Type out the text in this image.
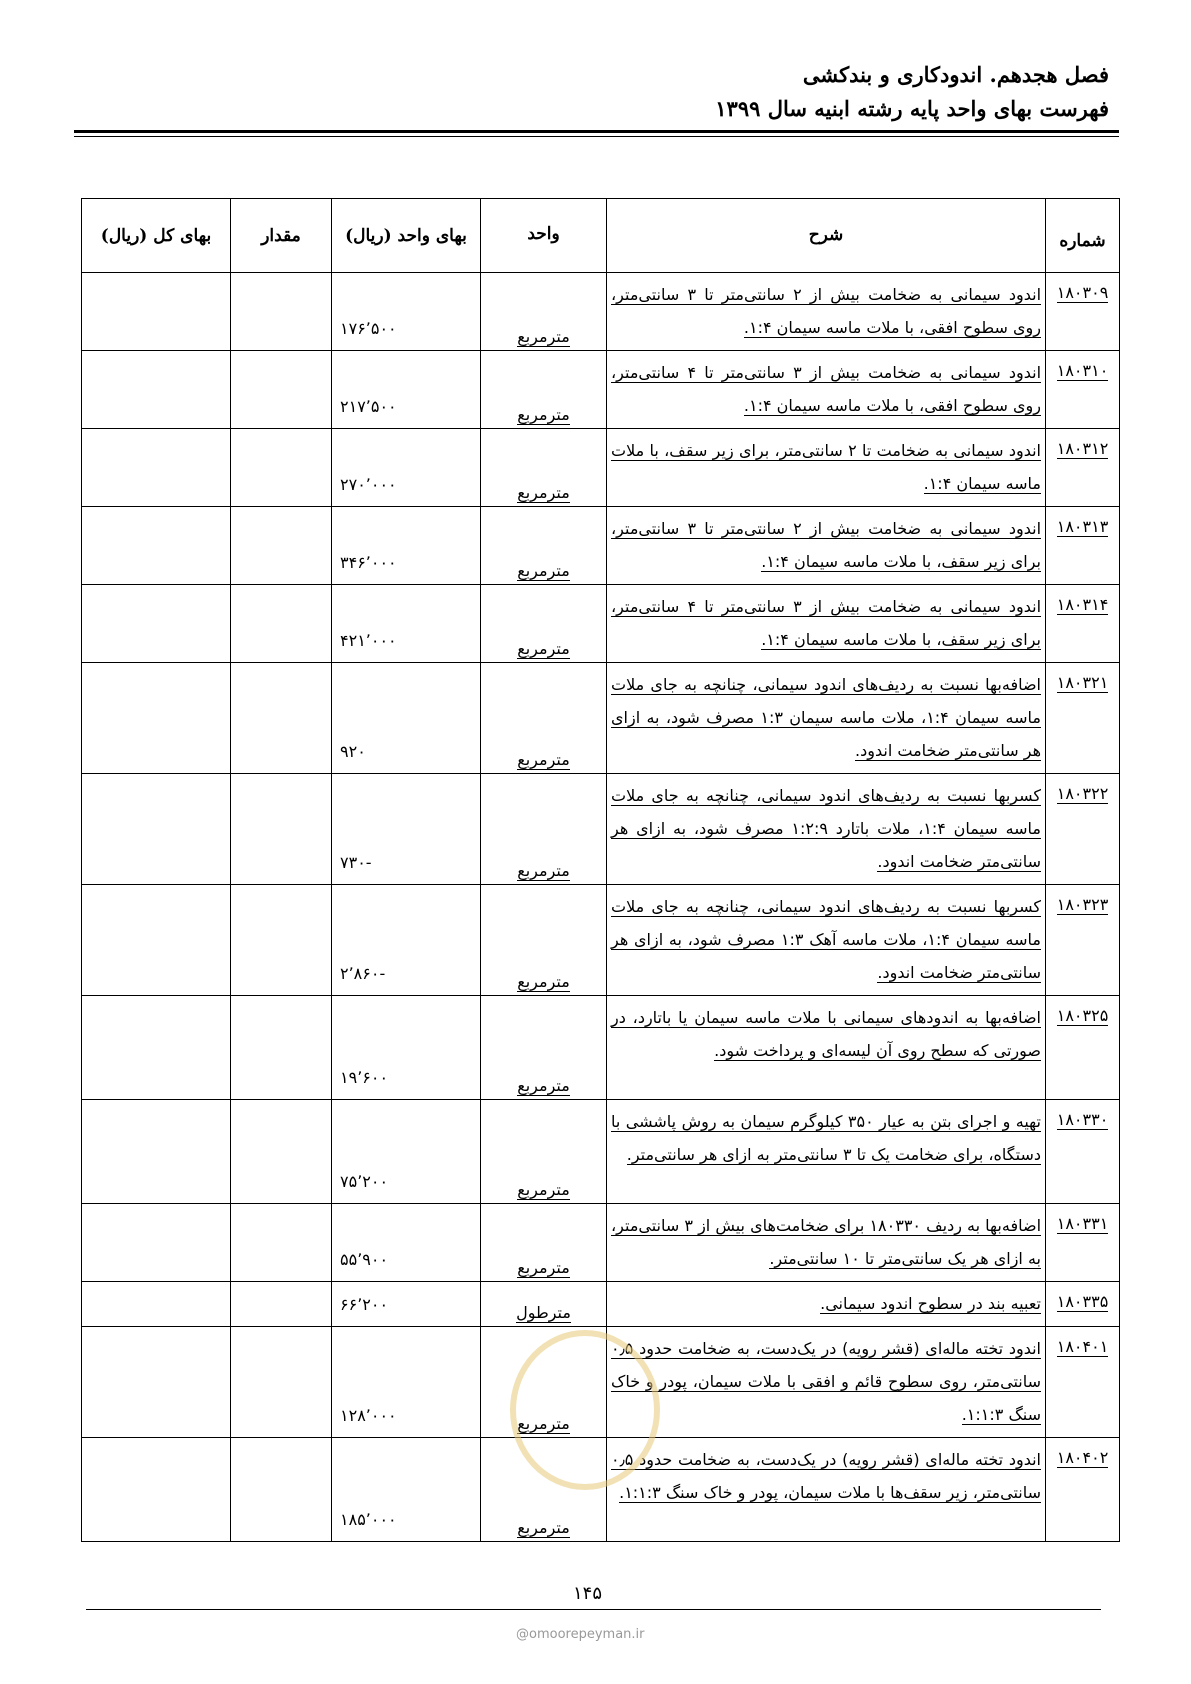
فصل هجدهم. اندودکاری و بندکشی
فهرست بهای واحد پایه رشته ابنیه سال ۱۳۹۹
شماره	شرح	واحد	بهای واحد (ریال)	مقدار	بهای کل (ریال)
۱۸۰۳۰۹	اندود سیمانی به ضخامت بیش از ۲ سانتی‌متر تا ۳ سانتی‌متر، روی سطوح افقی، با ملات ماسه سیمان ۱:۴.	مترمربع	۱۷۶٬۵۰۰		
۱۸۰۳۱۰	اندود سیمانی به ضخامت بیش از ۳ سانتی‌متر تا ۴ سانتی‌متر، روی سطوح افقی، با ملات ماسه سیمان ۱:۴.	مترمربع	۲۱۷٬۵۰۰		
۱۸۰۳۱۲	اندود سیمانی به ضخامت تا ۲ سانتی‌متر، برای زیر سقف، با ملات ماسه سیمان ۱:۴.	مترمربع	۲۷۰٬۰۰۰		
۱۸۰۳۱۳	اندود سیمانی به ضخامت بیش از ۲ سانتی‌متر تا ۳ سانتی‌متر، برای زیر سقف، با ملات ماسه سیمان ۱:۴.	مترمربع	۳۴۶٬۰۰۰		
۱۸۰۳۱۴	اندود سیمانی به ضخامت بیش از ۳ سانتی‌متر تا ۴ سانتی‌متر، برای زیر سقف، با ملات ماسه سیمان ۱:۴.	مترمربع	۴۲۱٬۰۰۰		
۱۸۰۳۲۱	اضافه‌بها نسبت به ردیف‌های اندود سیمانی، چنانچه به جای ملات ماسه سیمان ۱:۴، ملات ماسه سیمان ۱:۳ مصرف شود، به ازای هر سانتی‌متر ضخامت اندود.	مترمربع	۹۲۰		
۱۸۰۳۲۲	کسربها نسبت به ردیف‌های اندود سیمانی، چنانچه به جای ملات ماسه سیمان ۱:۴، ملات باتارد ۱:۲:۹ مصرف شود، به ازای هر سانتی‌متر ضخامت اندود.	مترمربع	-۷۳۰		
۱۸۰۳۲۳	کسربها نسبت به ردیف‌های اندود سیمانی، چنانچه به جای ملات ماسه سیمان ۱:۴، ملات ماسه آهک ۱:۳ مصرف شود، به ازای هر سانتی‌متر ضخامت اندود.	مترمربع	-۲٬۸۶۰		
۱۸۰۳۲۵	اضافه‌بها به اندودهای سیمانی با ملات ماسه سیمان یا باتارد، در صورتی که سطح روی آن لیسه‌ای و پرداخت شود.	مترمربع	۱۹٬۶۰۰		
۱۸۰۳۳۰	تهیه و اجرای بتن به عیار ۳۵۰ کیلوگرم سیمان به روش پاششی با دستگاه، برای ضخامت یک تا ۳ سانتی‌متر به ازای هر سانتی‌متر.	مترمربع	۷۵٬۲۰۰		
۱۸۰۳۳۱	اضافه‌بها به ردیف ۱۸۰۳۳۰ برای ضخامت‌های بیش از ۳ سانتی‌متر، به ازای هر یک سانتی‌متر تا ۱۰ سانتی‌متر.	مترمربع	۵۵٬۹۰۰		
۱۸۰۳۳۵	تعبیه بند در سطوح اندود سیمانی.	مترطول	۶۶٬۲۰۰		
۱۸۰۴۰۱	اندود تخته ماله‌ای (قشر رویه) در یک‌دست، به ضخامت حدود ۰٫۵ سانتی‌متر، روی سطوح قائم و افقی با ملات سیمان، پودر و خاک سنگ ۱:۱:۳.	مترمربع	۱۲۸٬۰۰۰		
۱۸۰۴۰۲	اندود تخته ماله‌ای (قشر رویه) در یک‌دست، به ضخامت حدود ۰٫۵ سانتی‌متر، زیر سقف‌ها با ملات سیمان، پودر و خاک سنگ ۱:۱:۳.	مترمربع	۱۸۵٬۰۰۰		
۱۴۵
@omoorepeyman.ir
